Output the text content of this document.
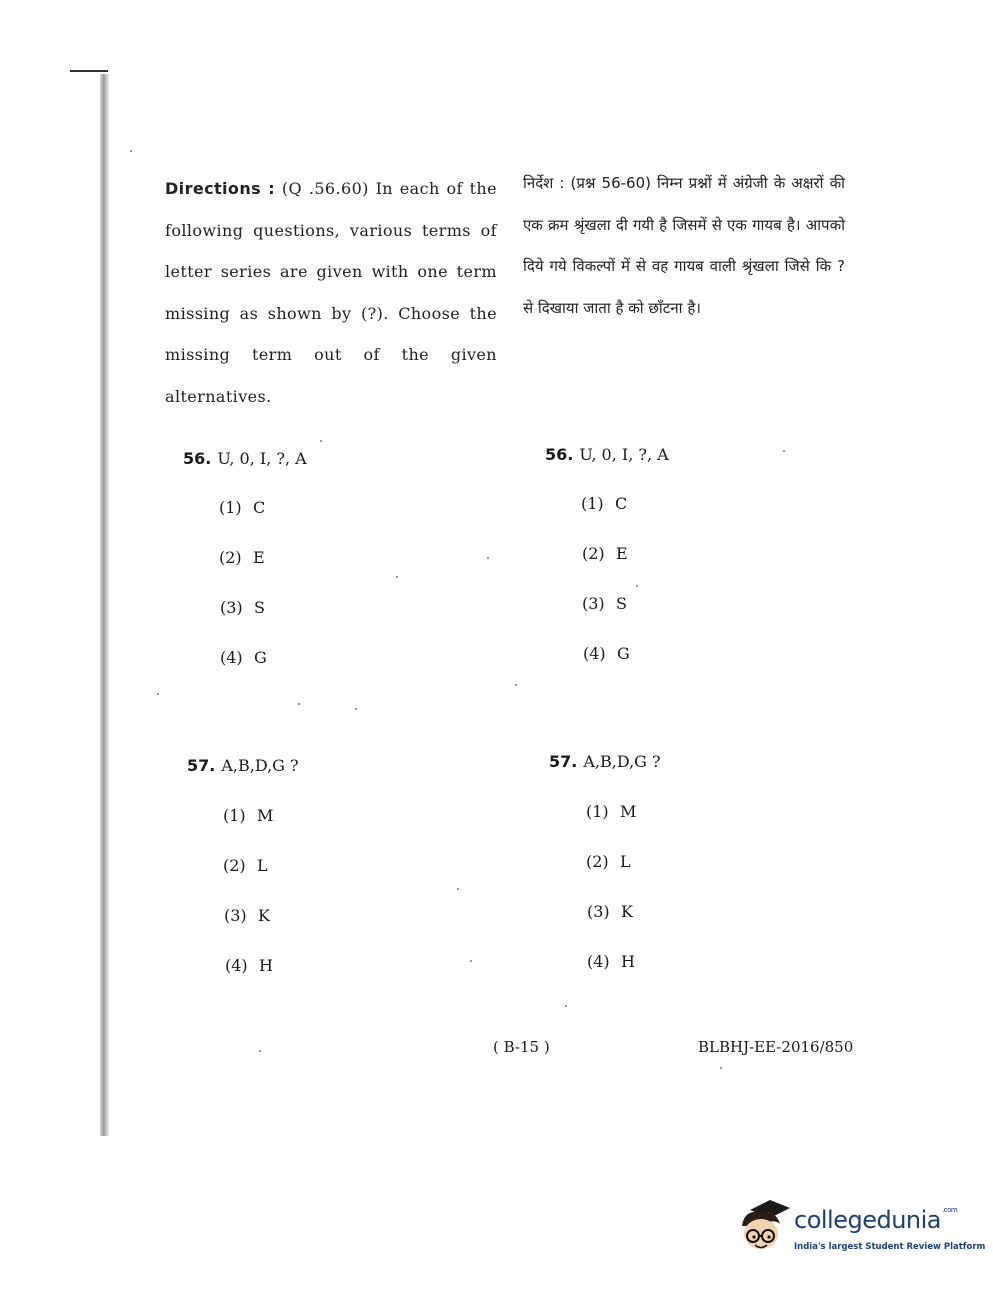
Directions : (Q .56.60) In each of the following questions, various terms of letter series are given with one term missing as shown by (?). Choose the missing term out of the given alternatives.
निर्देश : (प्रश्न 56-60) निम्न प्रश्नों में अंग्रेजी के अक्षरों की एक क्रम श्रृंखला दी गयी है जिसमें से एक गायब है। आपको दिये गये विकल्पों में से वह गायब वाली श्रृंखला जिसे कि ? से दिखाया जाता है को छाँटना है।
56. U, 0, I, ?, A
(1) C
(2) E
(3) S
(4) G
56. U, 0, I, ?, A
(1) C
(2) E
(3) S
(4) G
57. A,B,D,G ?
(1) M
(2) L
(3) K
(4) H
57. A,B,D,G ?
(1) M
(2) L
(3) K
(4) H
( B-15 )	BLBHJ-EE-2016/850
collegedunia$^{.com}$
India's largest Student Review Platform
